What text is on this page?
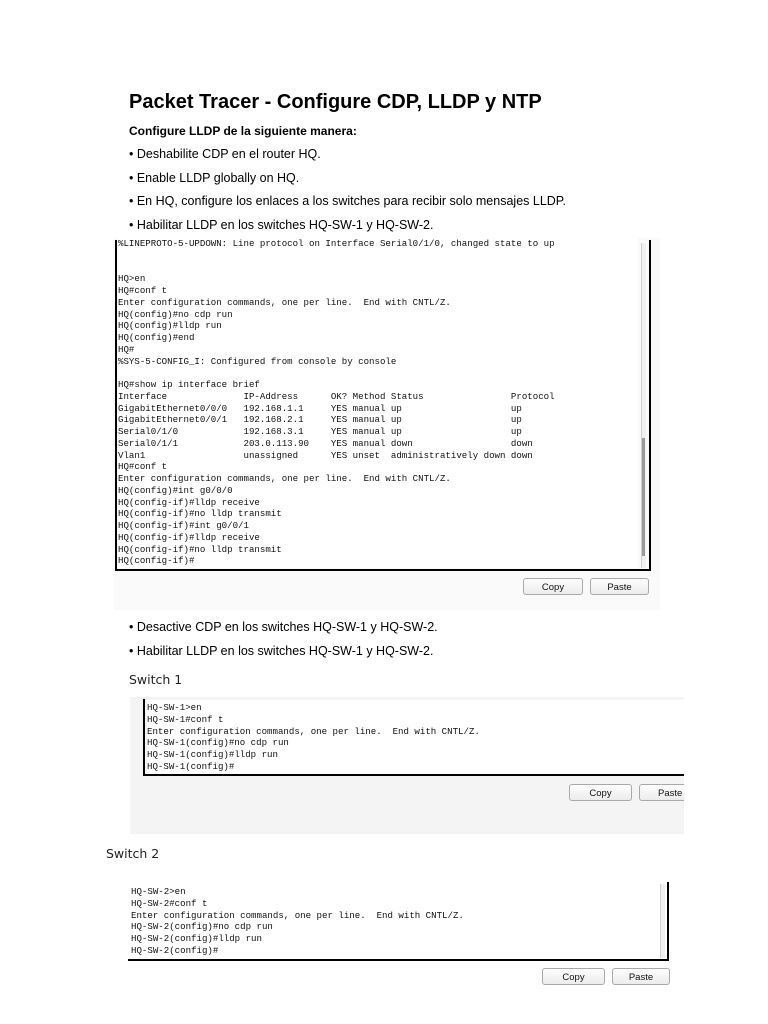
Packet Tracer - Configure CDP, LLDP y NTP
Configure LLDP de la siguiente manera:
• Deshabilite CDP en el router HQ.
• Enable LLDP globally on HQ.
• En HQ, configure los enlaces a los switches para recibir solo mensajes LLDP.
• Habilitar LLDP en los switches HQ-SW-1 y HQ-SW-2.
%LINEPROTO-5-UPDOWN: Line protocol on Interface Serial0/1/0, changed state to up
HQ>en
HQ#conf t
Enter configuration commands, one per line.  End with CNTL/Z.
HQ(config)#no cdp run
HQ(config)#lldp run
HQ(config)#end
HQ#
%SYS-5-CONFIG_I: Configured from console by console
HQ#show ip interface brief
Interface              IP-Address      OK? Method Status                Protocol
GigabitEthernet0/0/0   192.168.1.1     YES manual up                    up
GigabitEthernet0/0/1   192.168.2.1     YES manual up                    up
Serial0/1/0            192.168.3.1     YES manual up                    up
Serial0/1/1            203.0.113.90    YES manual down                  down
Vlan1                  unassigned      YES unset  administratively down down
HQ#conf t
Enter configuration commands, one per line.  End with CNTL/Z.
HQ(config)#int g0/0/0
HQ(config-if)#lldp receive
HQ(config-if)#no lldp transmit
HQ(config-if)#int g0/0/1
HQ(config-if)#lldp receive
HQ(config-if)#no lldp transmit
HQ(config-if)#
Copy	Paste
• Desactive CDP en los switches HQ-SW-1 y HQ-SW-2.
• Habilitar LLDP en los switches HQ-SW-1 y HQ-SW-2.
Switch 1
HQ-SW-1>en
HQ-SW-1#conf t
Enter configuration commands, one per line.  End with CNTL/Z.
HQ-SW-1(config)#no cdp run
HQ-SW-1(config)#lldp run
HQ-SW-1(config)#
Copy	Paste
Switch 2
HQ-SW-2>en
HQ-SW-2#conf t
Enter configuration commands, one per line.  End with CNTL/Z.
HQ-SW-2(config)#no cdp run
HQ-SW-2(config)#lldp run
HQ-SW-2(config)#
Copy	Paste
